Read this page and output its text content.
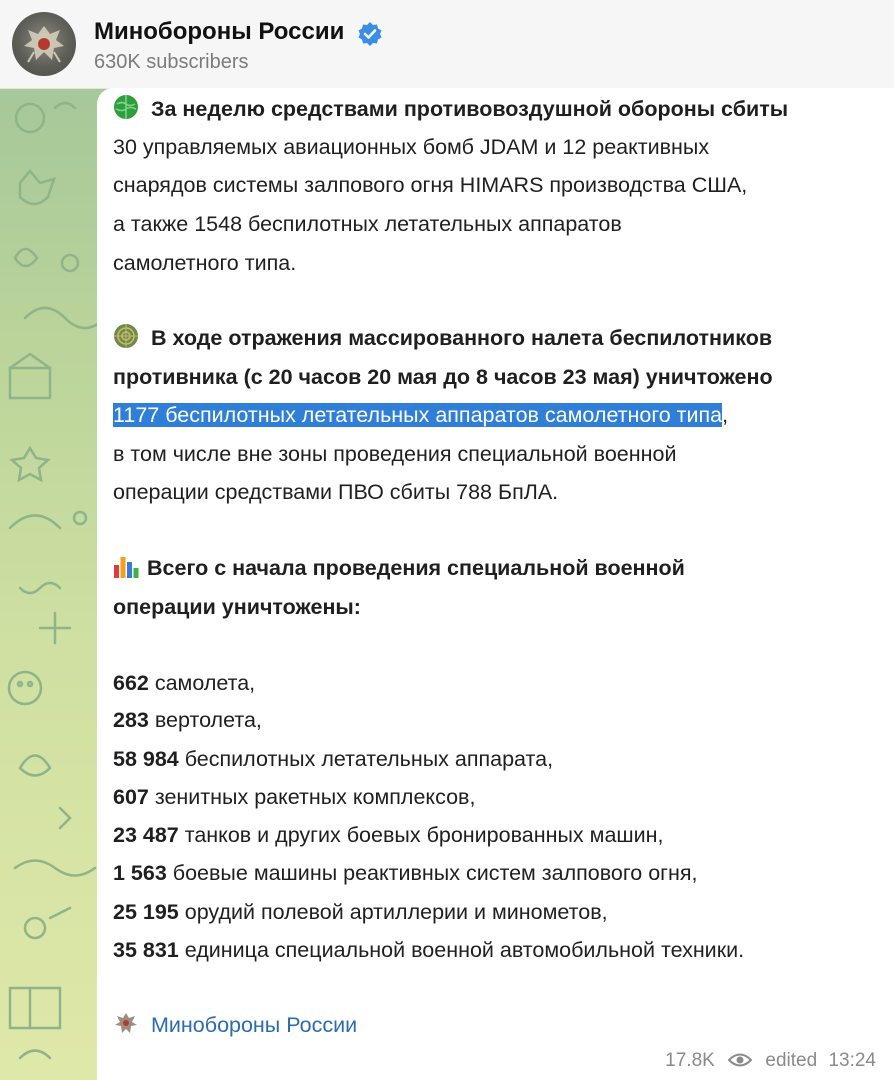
Минобороны России
630K subscribers
За неделю средствами противовоздушной обороны сбиты
30 управляемых авиационных бомб JDAM и 12 реактивных
снарядов системы залпового огня HIMARS производства США,
а также 1548 беспилотных летательных аппаратов
самолетного типа.
В ходе отражения массированного налета беспилотников
противника (с 20 часов 20 мая до 8 часов 23 мая) уничтожено
1177 беспилотных летательных аппаратов самолетного типа,
в том числе вне зоны проведения специальной военной
операции средствами ПВО сбиты 788 БпЛА.
Всего с начала проведения специальной военной
операции уничтожены:
662 самолета,
283 вертолета,
58 984 беспилотных летательных аппарата,
607 зенитных ракетных комплексов,
23 487 танков и других боевых бронированных машин,
1 563 боевые машины реактивных систем залпового огня,
25 195 орудий полевой артиллерии и минометов,
35 831 единица специальной военной автомобильной техники.
Минобороны России
17.8K	edited 13:24
